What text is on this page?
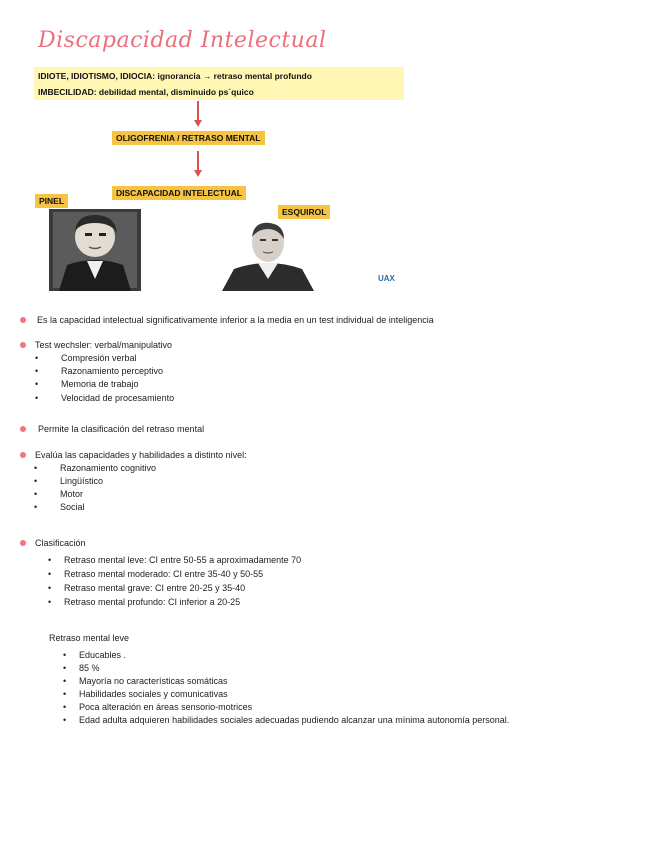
Discapacidad Intelectual
IDIOTE, IDIOTISMO, IDIOCIA: ignorancia → retraso mental profundo
IMBECILIDAD: debilidad mental, disminuido ps´quico
OLIGOFRENIA / RETRASO MENTAL
DISCAPACIDAD INTELECTUAL
PINEL
ESQUIROL
UAX
Es la capacidad intelectual significativamente inferior a la media en un test individual de inteligencia
Test wechsler: verbal/manipulativo
• Compresión verbal
• Razonamiento perceptivo
• Memoria de trabajo
• Velocidad de procesamiento
Permite la clasificación del retraso mental
Evalúa las capacidades y habilidades a distinto nivel:
• Razonamiento cognitivo
• Lingüístico
• Motor
• Social
Clasificación
• Retraso mental leve: CI entre 50-55 a aproximadamente 70
• Retraso mental moderado: CI entre 35-40 y 50-55
• Retraso mental grave: CI entre 20-25 y 35-40
• Retraso mental profundo: CI inferior a 20-25
Retraso mental leve
• Educables .
• 85 %
• Mayoría no características somáticas
• Habilidades sociales y comunicativas
• Poca alteración en áreas sensorio-motrices
• Edad adulta adquieren habilidades sociales adecuadas pudiendo alcanzar una mínima autonomía personal.
